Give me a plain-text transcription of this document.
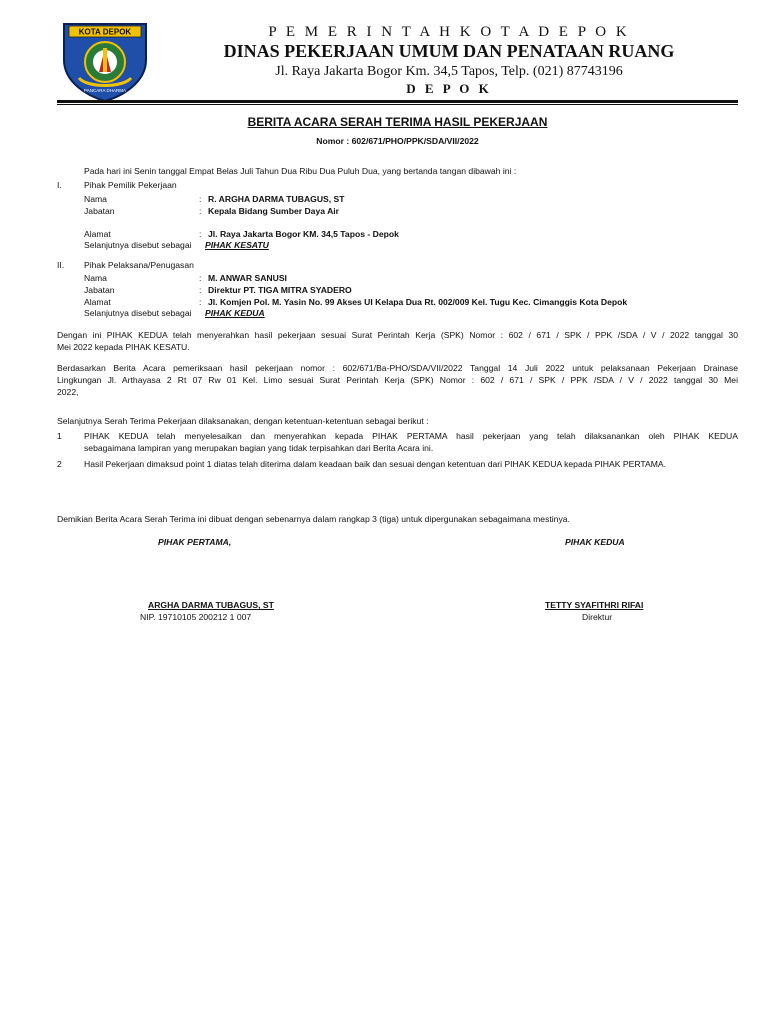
KOTA DEPOK
PANCARA DHARMA
P E M E R I N T A H K O T A D E P O K
DINAS PEKERJAAN UMUM DAN PENATAAN RUANG
Jl. Raya Jakarta Bogor Km. 34,5 Tapos, Telp. (021) 87743196
D E P O K
BERITA ACARA SERAH TERIMA HASIL PEKERJAAN
Nomor : 602/671/PHO/PPK/SDA/VII/2022
Pada hari ini Senin tanggal Empat Belas Juli Tahun Dua Ribu Dua Puluh Dua, yang bertanda tangan dibawah ini :
I.	Pihak Pemilik Pekerjaan
Nama	: R. ARGHA DARMA TUBAGUS, ST
Jabatan	: Kepala Bidang Sumber Daya Air
Alamat	: Jl. Raya Jakarta Bogor KM. 34,5 Tapos - Depok
Selanjutnya disebut sebagai PIHAK KESATU
II. Pihak Pelaksana/Penugasan
Nama	: M. ANWAR SANUSI
Jabatan	: Direktur PT. TIGA MITRA SYADERO
Alamat	: Jl. Komjen Pol. M. Yasin No. 99 Akses UI Kelapa Dua Rt. 002/009 Kel. Tugu Kec. Cimanggis Kota Depok
Selanjutnya disebut sebagai PIHAK KEDUA
Dengan ini PIHAK KEDUA telah menyerahkan hasil pekerjaan sesuai Surat Perintah Kerja (SPK) Nomor : 602 / 671 / SPK / PPK /SDA / V / 2022 tanggal 30
Mei 2022 kepada PIHAK KESATU.
Berdasarkan Berita Acara pemeriksaan hasil pekerjaan nomor : 602/671/Ba-PHO/SDA/VII/2022 Tanggal 14 Juli 2022 untuk pelaksanaan Pekerjaan Drainase
Lingkungan Jl. Arthayasa 2 Rt 07 Rw 01 Kel. Limo sesuai Surat Perintah Kerja (SPK) Nomor : 602 / 671 / SPK / PPK /SDA / V / 2022 tanggal 30 Mei
2022,
Selanjutnya Serah Terima Pekerjaan dilaksanakan, dengan ketentuan-ketentuan sebagai berikut :
1	PIHAK KEDUA telah menyelesaikan dan menyerahkan kepada PIHAK PERTAMA hasil pekerjaan yang telah dilaksanankan oleh PIHAK KEDUA
sebagaimana lampiran yang merupakan bagian yang tidak terpisahkan dari Berita Acara ini.
2	Hasil Pekerjaan dimaksud point 1 diatas telah diterima dalam keadaan baik dan sesuai dengan ketentuan dari PIHAK KEDUA kepada PIHAK PERTAMA.
Demikian Berita Acara Serah Terima ini dibuat dengan sebenarnya dalam rangkap 3 (tiga) untuk dipergunakan sebagaimana mestinya.
PIHAK PERTAMA,	PIHAK KEDUA
ARGHA DARMA TUBAGUS, ST
NIP. 19710105 200212 1 007
TETTY SYAFITHRI RIFAI
Direktur
